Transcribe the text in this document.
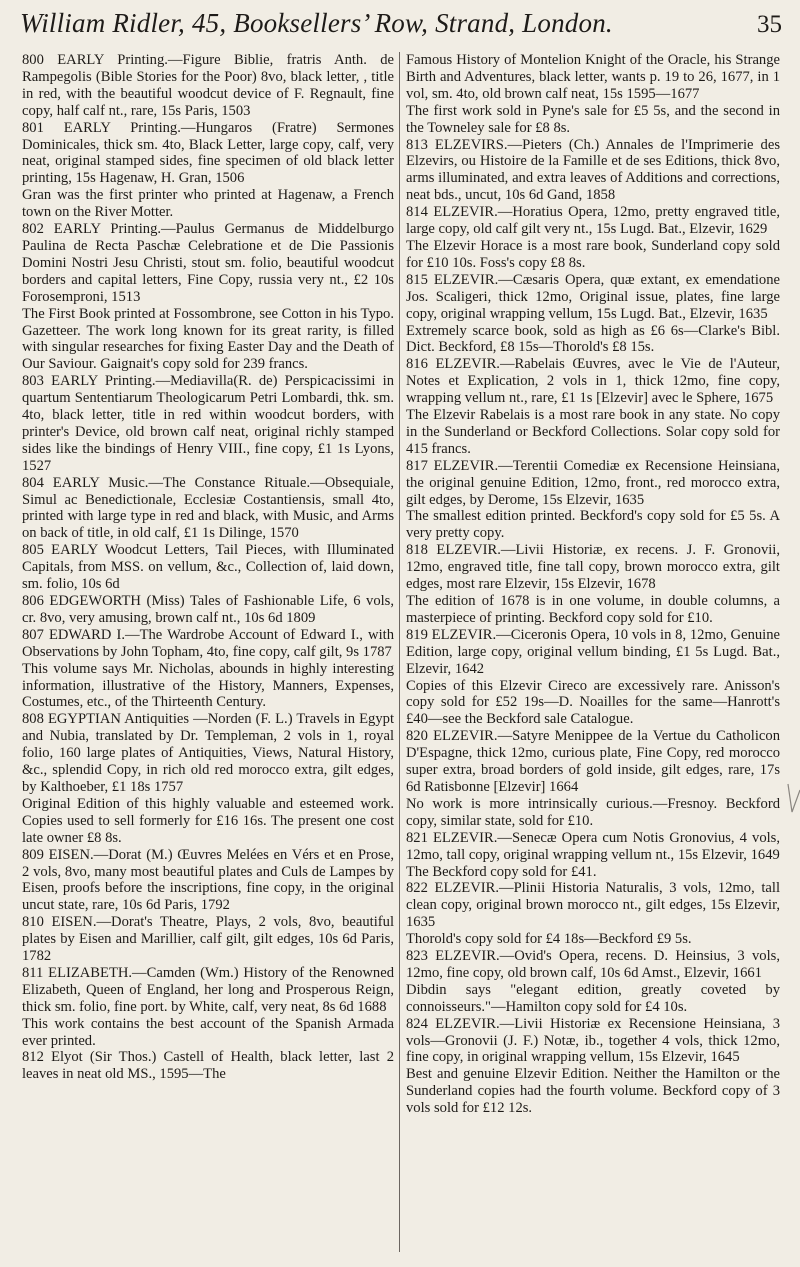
William Ridler, 45, Booksellers’ Row, Strand, London.	35

800 EARLY Printing.—Figure Biblie, fratris Anth. de Rampegolis (Bible Stories for the Poor) 8vo, black letter, , title in red, with the beautiful woodcut device of F. Regnault, fine copy, half calf nt., rare, 15s Paris, 1503

801 EARLY Printing.—Hungaros (Fratre) Sermones Dominicales, thick sm. 4to, Black Letter, large copy, calf, very neat, original stamped sides, fine specimen of old black letter printing, 15s Hagenaw, H. Gran, 1506

Gran was the first printer who printed at Hagenaw, a French town on the River Motter.

802 EARLY Printing.—Paulus Germanus de Middelburgo Paulina de Recta Paschæ Celebratione et de Die Passionis Domini Nostri Jesu Christi, stout sm. folio, beautiful woodcut borders and capital letters, Fine Copy, russia very nt., £2 10s Forosemproni, 1513

The First Book printed at Fossombrone, see Cotton in his Typo. Gazetteer. The work long known for its great rarity, is filled with singular researches for fixing Easter Day and the Death of Our Saviour. Gaignait's copy sold for 239 francs.

803 EARLY Printing.—Mediavilla(R. de) Perspicacissimi in quartum Sententiarum Theologicarum Petri Lombardi, thk. sm. 4to, black letter, title in red within woodcut borders, with printer's Device, old brown calf neat, original richly stamped sides like the bindings of Henry VIII., fine copy, £1 1s Lyons, 1527

804 EARLY Music.—The Constance Rituale.—Obsequiale, Simul ac Benedictionale, Ecclesiæ Costantiensis, small 4to, printed with large type in red and black, with Music, and Arms on back of title, in old calf, £1 1s Dilinge, 1570

805 EARLY Woodcut Letters, Tail Pieces, with Illuminated Capitals, from MSS. on vellum, &c., Collection of, laid down, sm. folio, 10s 6d

806 EDGEWORTH (Miss) Tales of Fashionable Life, 6 vols, cr. 8vo, very amusing, brown calf nt., 10s 6d 1809

807 EDWARD I.—The Wardrobe Account of Edward I., with Observations by John Topham, 4to, fine copy, calf gilt, 9s 1787

This volume says Mr. Nicholas, abounds in highly interesting information, illustrative of the History, Manners, Expenses, Costumes, etc., of the Thirteenth Century.

808 EGYPTIAN Antiquities —Norden (F. L.) Travels in Egypt and Nubia, translated by Dr. Templeman, 2 vols in 1, royal folio, 160 large plates of Antiquities, Views, Natural History, &c., splendid Copy, in rich old red morocco extra, gilt edges, by Kalthoeber, £1 18s 1757

Original Edition of this highly valuable and esteemed work. Copies used to sell formerly for £16 16s. The present one cost late owner £8 8s.

809 EISEN.—Dorat (M.) Œuvres Melées en Vérs et en Prose, 2 vols, 8vo, many most beautiful plates and Culs de Lampes by Eisen, proofs before the inscriptions, fine copy, in the original uncut state, rare, 10s 6d Paris, 1792

810 EISEN.—Dorat's Theatre, Plays, 2 vols, 8vo, beautiful plates by Eisen and Marillier, calf gilt, gilt edges, 10s 6d Paris, 1782

811 ELIZABETH.—Camden (Wm.) History of the Renowned Elizabeth, Queen of England, her long and Prosperous Reign, thick sm. folio, fine port. by White, calf, very neat, 8s 6d 1688

This work contains the best account of the Spanish Armada ever printed.

812 Elyot (Sir Thos.) Castell of Health, black letter, last 2 leaves in neat old MS., 1595—The

Famous History of Montelion Knight of the Oracle, his Strange Birth and Adventures, black letter, wants p. 19 to 26, 1677, in 1 vol, sm. 4to, old brown calf neat, 15s 1595—1677

The first work sold in Pyne's sale for £5 5s, and the second in the Towneley sale for £8 8s.

813 ELZEVIRS.—Pieters (Ch.) Annales de l'Imprimerie des Elzevirs, ou Histoire de la Famille et de ses Editions, thick 8vo, arms illuminated, and extra leaves of Additions and corrections, neat bds., uncut, 10s 6d Gand, 1858

814 ELZEVIR.—Horatius Opera, 12mo, pretty engraved title, large copy, old calf gilt very nt., 15s Lugd. Bat., Elzevir, 1629

The Elzevir Horace is a most rare book, Sunderland copy sold for £10 10s. Foss's copy £8 8s.

815 ELZEVIR.—Cæsaris Opera, quæ extant, ex emendatione Jos. Scaligeri, thick 12mo, Original issue, plates, fine large copy, original wrapping vellum, 15s Lugd. Bat., Elzevir, 1635

Extremely scarce book, sold as high as £6 6s—Clarke's Bibl. Dict. Beckford, £8 15s—Thorold's £8 15s.

816 ELZEVIR.—Rabelais Œuvres, avec le Vie de l'Auteur, Notes et Explication, 2 vols in 1, thick 12mo, fine copy, wrapping vellum nt., rare, £1 1s [Elzevir] avec le Sphere, 1675

The Elzevir Rabelais is a most rare book in any state. No copy in the Sunderland or Beckford Collections. Solar copy sold for 415 francs.

817 ELZEVIR.—Terentii Comediæ ex Recensione Heinsiana, the original genuine Edition, 12mo, front., red morocco extra, gilt edges, by Derome, 15s Elzevir, 1635

The smallest edition printed. Beckford's copy sold for £5 5s. A very pretty copy.

818 ELZEVIR.—Livii Historiæ, ex recens. J. F. Gronovii, 12mo, engraved title, fine tall copy, brown morocco extra, gilt edges, most rare Elzevir, 15s Elzevir, 1678

The edition of 1678 is in one volume, in double columns, a masterpiece of printing. Beckford copy sold for £10.

819 ELZEVIR.—Ciceronis Opera, 10 vols in 8, 12mo, Genuine Edition, large copy, original vellum binding, £1 5s Lugd. Bat., Elzevir, 1642

Copies of this Elzevir Cireco are excessively rare. Anisson's copy sold for £52 19s—D. Noailles for the same—Hanrott's £40—see the Beckford sale Catalogue.

820 ELZEVIR.—Satyre Menippee de la Vertue du Catholicon D'Espagne, thick 12mo, curious plate, Fine Copy, red morocco super extra, broad borders of gold inside, gilt edges, rare, 17s 6d Ratisbonne [Elzevir] 1664

No work is more intrinsically curious.—Fresnoy. Beckford copy, similar state, sold for £10.

821 ELZEVIR.—Senecæ Opera cum Notis Gronovius, 4 vols, 12mo, tall copy, original wrapping vellum nt., 15s Elzevir, 1649

The Beckford copy sold for £41.

822 ELZEVIR.—Plinii Historia Naturalis, 3 vols, 12mo, tall clean copy, original brown morocco nt., gilt edges, 15s Elzevir, 1635

Thorold's copy sold for £4 18s—Beckford £9 5s.

823 ELZEVIR.—Ovid's Opera, recens. D. Heinsius, 3 vols, 12mo, fine copy, old brown calf, 10s 6d Amst., Elzevir, 1661

Dibdin says "elegant edition, greatly coveted by connoisseurs."—Hamilton copy sold for £4 10s.

824 ELZEVIR.—Livii Historiæ ex Recensione Heinsiana, 3 vols—Gronovii (J. F.) Notæ, ib., together 4 vols, thick 12mo, fine copy, in original wrapping vellum, 15s Elzevir, 1645

Best and genuine Elzevir Edition. Neither the Hamilton or the Sunderland copies had the fourth volume. Beckford copy of 3 vols sold for £12 12s.
